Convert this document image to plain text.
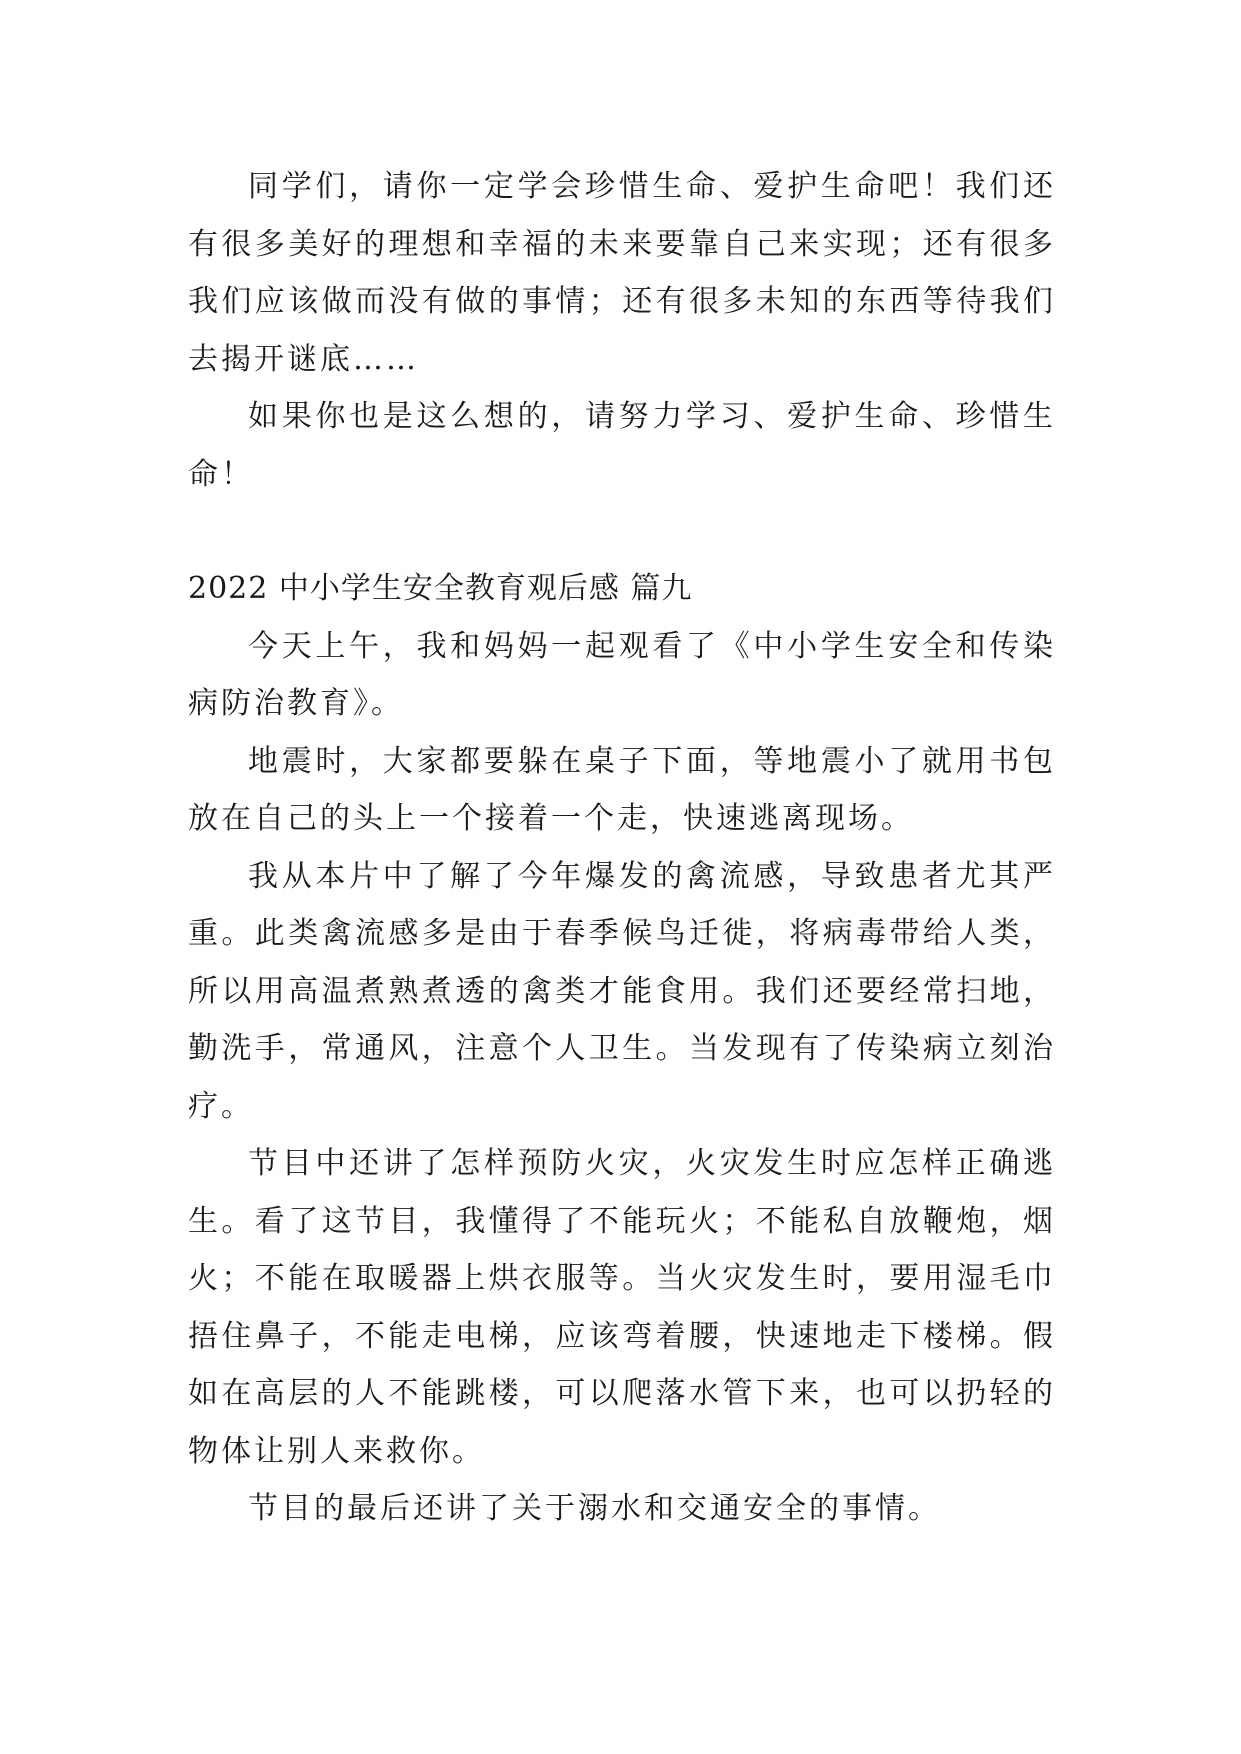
同学们，请你一定学会珍惜生命、爱护生命吧！我们还有很多美好的理想和幸福的未来要靠自己来实现；还有很多我们应该做而没有做的事情；还有很多未知的东西等待我们去揭开谜底……

如果你也是这么想的，请努力学习、爱护生命、珍惜生命！

2022 中小学生安全教育观后感 篇九

今天上午，我和妈妈一起观看了《中小学生安全和传染病防治教育》。

地震时，大家都要躲在桌子下面，等地震小了就用书包放在自己的头上一个接着一个走，快速逃离现场。

我从本片中了解了今年爆发的禽流感，导致患者尤其严重。此类禽流感多是由于春季候鸟迁徙，将病毒带给人类，所以用高温煮熟煮透的禽类才能食用。我们还要经常扫地，勤洗手，常通风，注意个人卫生。当发现有了传染病立刻治疗。

节目中还讲了怎样预防火灾，火灾发生时应怎样正确逃生。看了这节目，我懂得了不能玩火；不能私自放鞭炮，烟火；不能在取暖器上烘衣服等。当火灾发生时，要用湿毛巾捂住鼻子，不能走电梯，应该弯着腰，快速地走下楼梯。假如在高层的人不能跳楼，可以爬落水管下来，也可以扔轻的物体让别人来救你。

节目的最后还讲了关于溺水和交通安全的事情。
